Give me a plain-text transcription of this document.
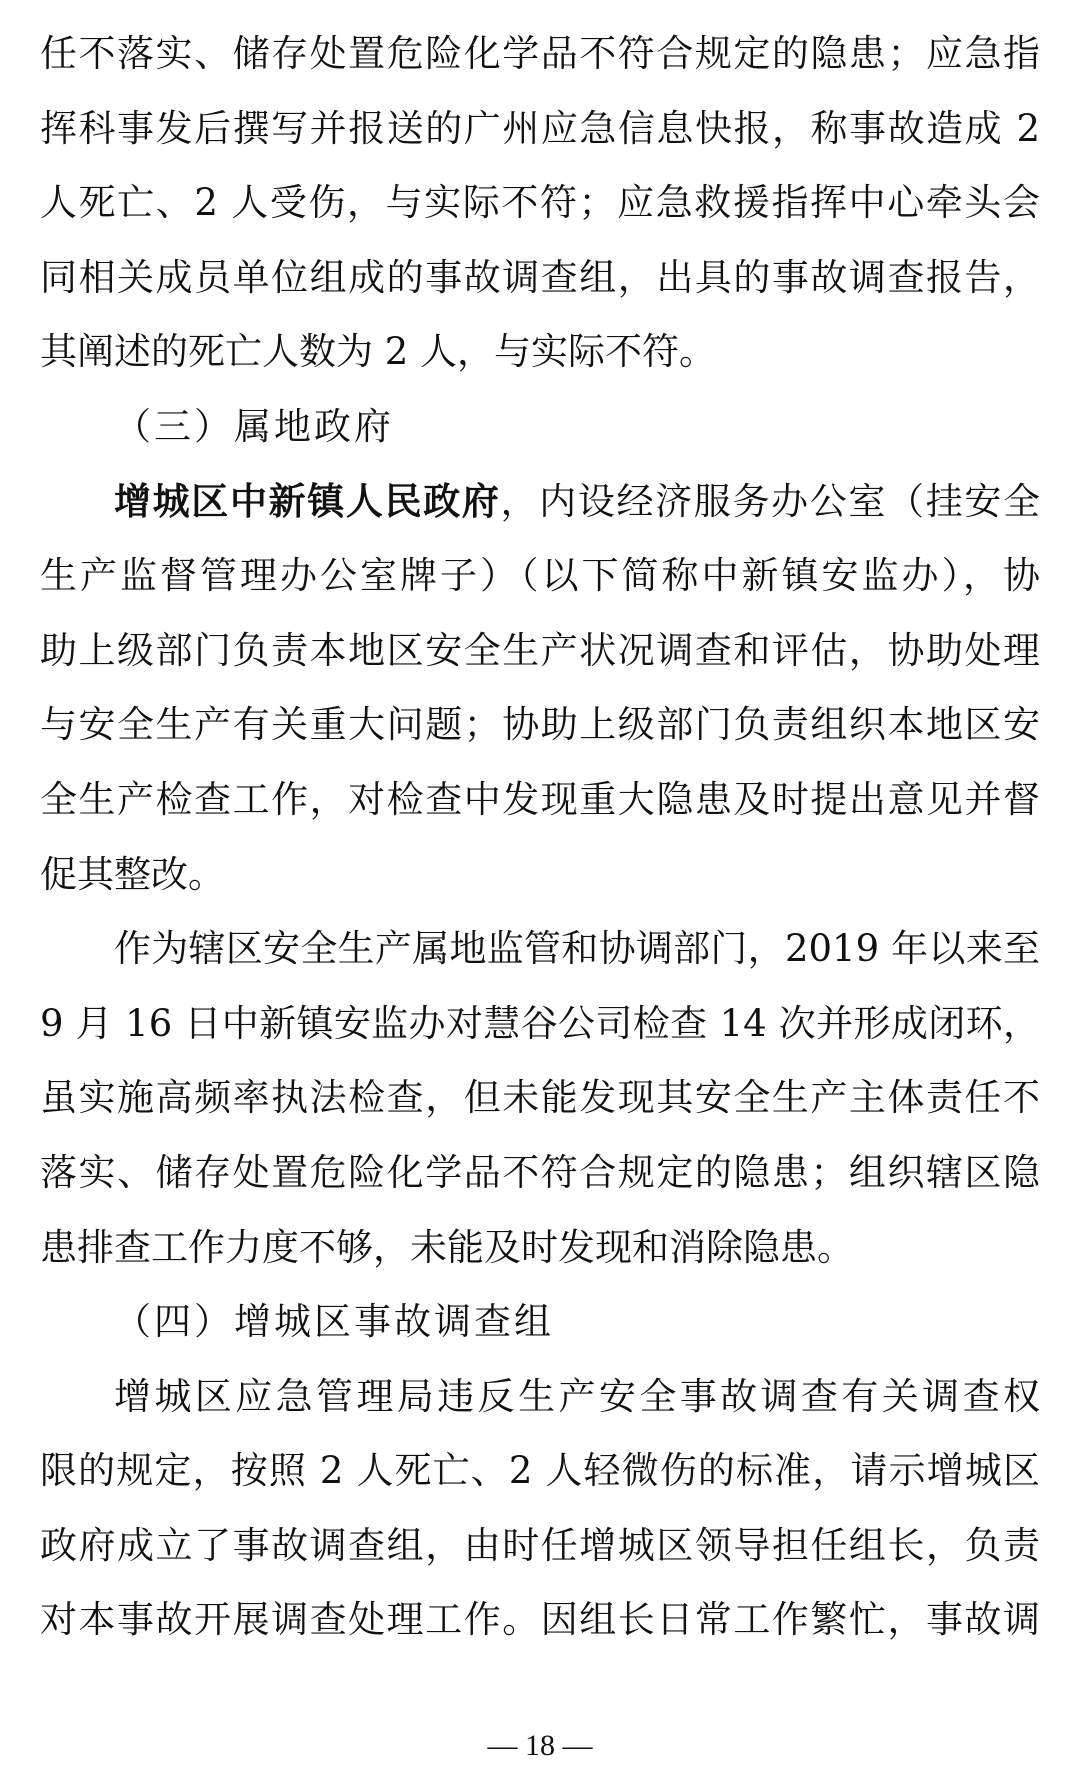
任不落实、储存处置危险化学品不符合规定的隐患；应急指
挥科事发后撰写并报送的广州应急信息快报，称事故造成 2
人死亡、2 人受伤，与实际不符；应急救援指挥中心牵头会
同相关成员单位组成的事故调查组，出具的事故调查报告，
其阐述的死亡人数为 2 人，与实际不符。
（三）属地政府
增城区中新镇人民政府，内设经济服务办公室（挂安全
生产监督管理办公室牌子）（以下简称中新镇安监办），协
助上级部门负责本地区安全生产状况调查和评估，协助处理
与安全生产有关重大问题；协助上级部门负责组织本地区安
全生产检查工作，对检查中发现重大隐患及时提出意见并督
促其整改。
作为辖区安全生产属地监管和协调部门，2019 年以来至
9 月 16 日中新镇安监办对慧谷公司检查 14 次并形成闭环，
虽实施高频率执法检查，但未能发现其安全生产主体责任不
落实、储存处置危险化学品不符合规定的隐患；组织辖区隐
患排查工作力度不够，未能及时发现和消除隐患。
（四）增城区事故调查组
增城区应急管理局违反生产安全事故调查有关调查权
限的规定，按照 2 人死亡、2 人轻微伤的标准，请示增城区
政府成立了事故调查组，由时任增城区领导担任组长，负责
对本事故开展调查处理工作。因组长日常工作繁忙，事故调
— 18 —
